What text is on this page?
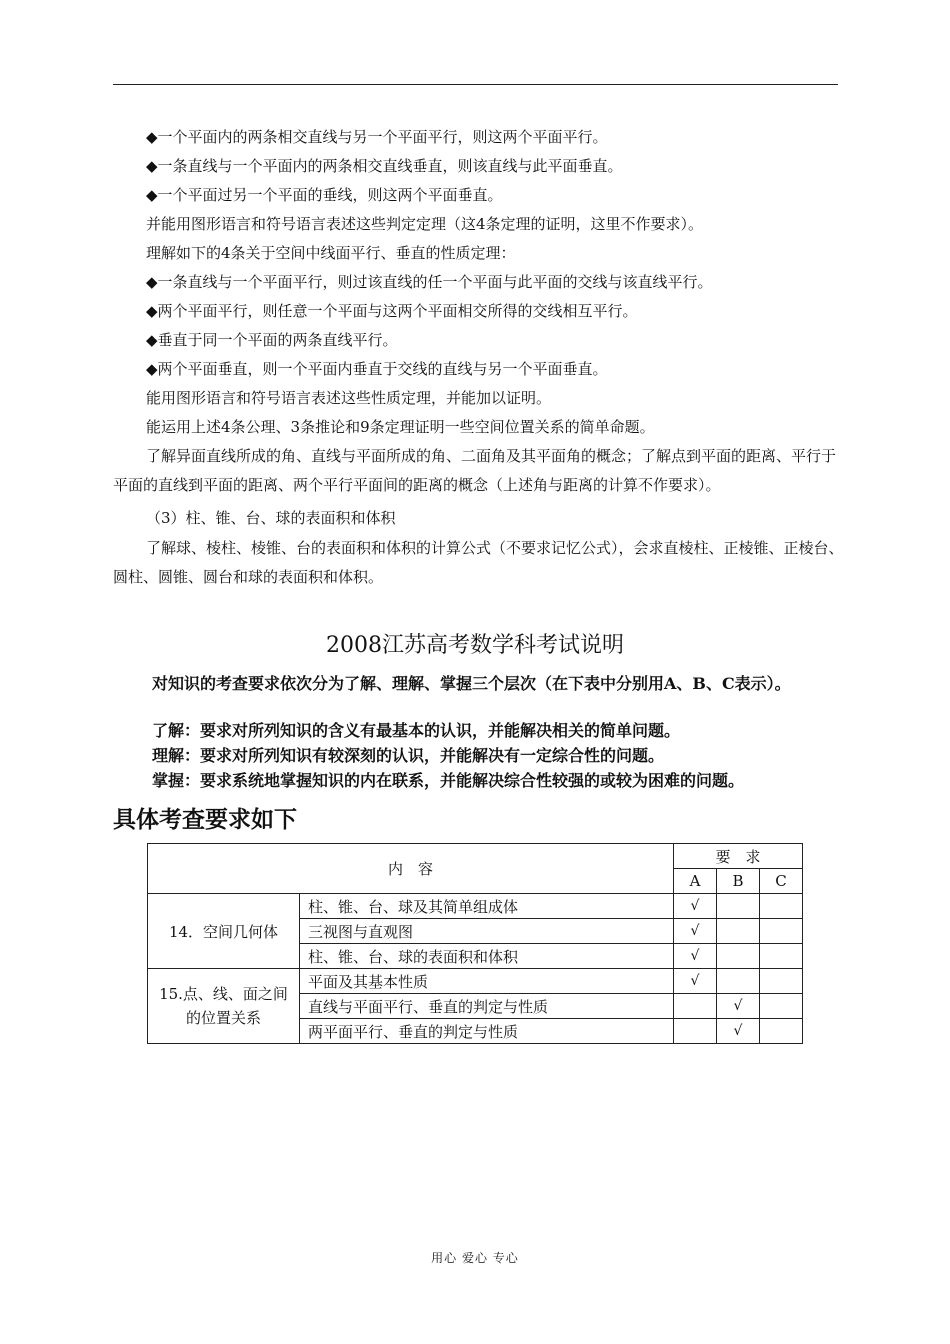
◆一个平面内的两条相交直线与另一个平面平行，则这两个平面平行。
◆一条直线与一个平面内的两条相交直线垂直，则该直线与此平面垂直。
◆一个平面过另一个平面的垂线，则这两个平面垂直。
并能用图形语言和符号语言表述这些判定定理（这4条定理的证明，这里不作要求）。
理解如下的4条关于空间中线面平行、垂直的性质定理：
◆一条直线与一个平面平行，则过该直线的任一个平面与此平面的交线与该直线平行。
◆两个平面平行，则任意一个平面与这两个平面相交所得的交线相互平行。
◆垂直于同一个平面的两条直线平行。
◆两个平面垂直，则一个平面内垂直于交线的直线与另一个平面垂直。
能用图形语言和符号语言表述这些性质定理，并能加以证明。
能运用上述4条公理、3条推论和9条定理证明一些空间位置关系的简单命题。
了解异面直线所成的角、直线与平面所成的角、二面角及其平面角的概念；了解点到平面的距离、平行于平面的直线到平面的距离、两个平行平面间的距离的概念（上述角与距离的计算不作要求）。
（3）柱、锥、台、球的表面积和体积
了解球、棱柱、棱锥、台的表面积和体积的计算公式（不要求记忆公式），会求直棱柱、正棱锥、正棱台、圆柱、圆锥、圆台和球的表面积和体积。
2008江苏高考数学科考试说明
对知识的考查要求依次分为了解、理解、掌握三个层次（在下表中分别用A、B、C表示）。
了解：要求对所列知识的含义有最基本的认识，并能解决相关的简单问题。
理解：要求对所列知识有较深刻的认识，并能解决有一定综合性的问题。
掌握：要求系统地掌握知识的内在联系，并能解决综合性较强的或较为困难的问题。
具体考查要求如下
内　容		要　求		
		A	B	C
14．空间几何体	柱、锥、台、球及其简单组成体	√		
	三视图与直观图	√		
	柱、锥、台、球的表面积和体积	√		
15.点、线、面之间的位置关系	平面及其基本性质	√		
	直线与平面平行、垂直的判定与性质		√	
	两平面平行、垂直的判定与性质		√	
用心 爱心 专心
